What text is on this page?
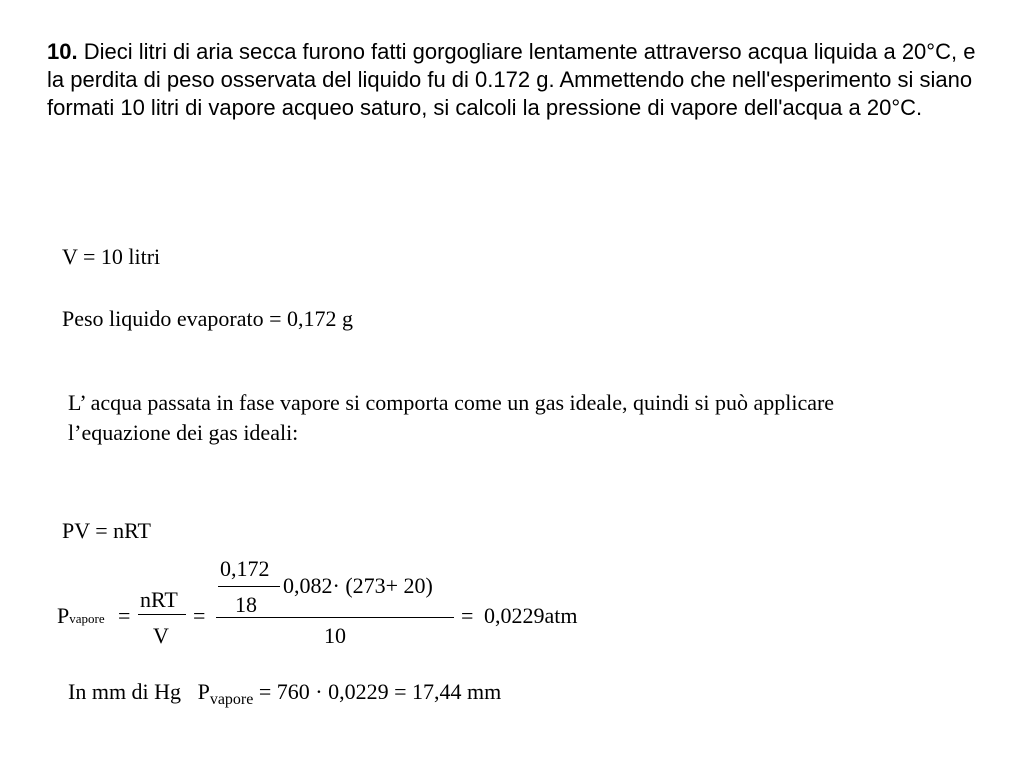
10. Dieci litri di aria secca furono fatti gorgogliare lentamente attraverso acqua liquida a 20°C, e la perdita di peso osservata del liquido fu di 0.172 g. Ammettendo che nell'esperimento si siano formati 10 litri di vapore acqueo saturo, si calcoli la pressione di vapore dell'acqua a 20°C.
V = 10 litri
Peso liquido evaporato = 0,172 g
L’ acqua passata in fase vapore si comporta come un gas ideale, quindi si può applicare l’equazione dei gas ideali:
PV = nRT
Pvapore =
nRT
V
=
0,172
18
0,082· (273+ 20)
10
= 0,0229atm
In mm di Hg $P_{vapore} = 760 \cdot 0,0229 = 17,44$ mm
